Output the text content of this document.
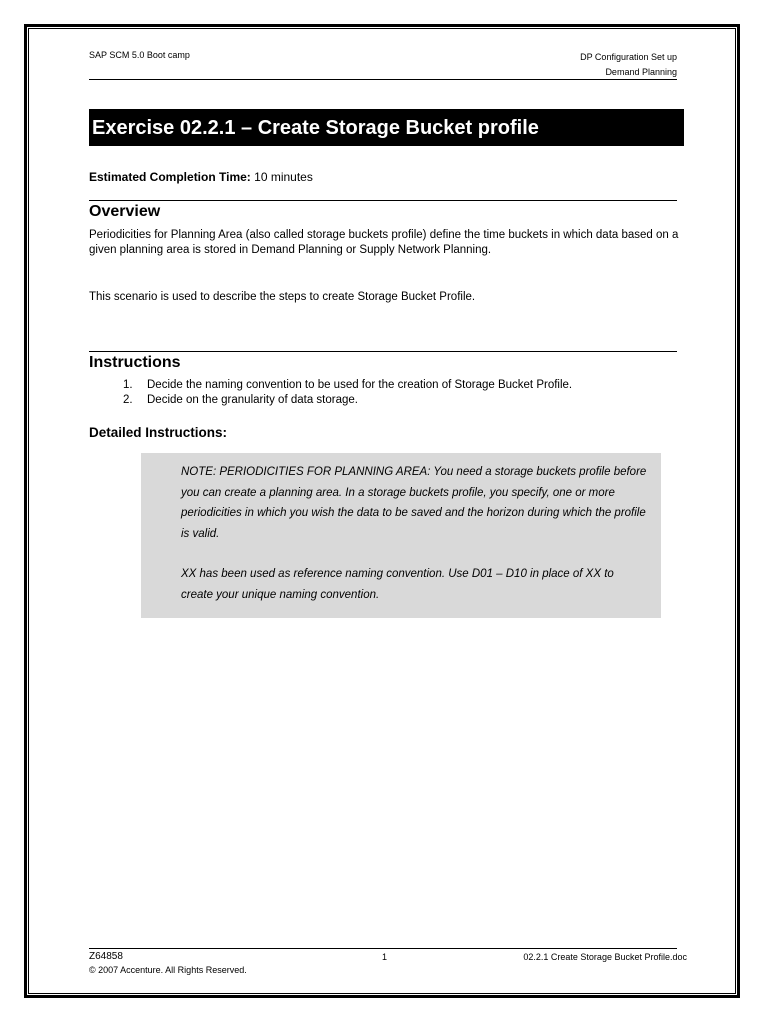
SAP SCM 5.0 Boot camp	DP Configuration Set up
Demand Planning
Exercise 02.2.1 – Create Storage Bucket profile
Estimated Completion Time: 10 minutes
Overview
Periodicities for Planning Area (also called storage buckets profile) define the time buckets in which data based on a given planning area is stored in Demand Planning or Supply Network Planning.
This scenario is used to describe the steps to create Storage Bucket Profile.
Instructions
1. Decide the naming convention to be used for the creation of Storage Bucket Profile.
2. Decide on the granularity of data storage.
Detailed Instructions:

NOTE: PERIODICITIES FOR PLANNING AREA: You need a storage buckets profile before you can create a planning area. In a storage buckets profile, you specify, one or more periodicities in which you wish the data to be saved and the horizon during which the profile is valid.

XX has been used as reference naming convention. Use D01 – D10 in place of XX to create your unique naming convention.

Z64858
© 2007 Accenture. All Rights Reserved.
1	02.2.1 Create Storage Bucket Profile.doc
